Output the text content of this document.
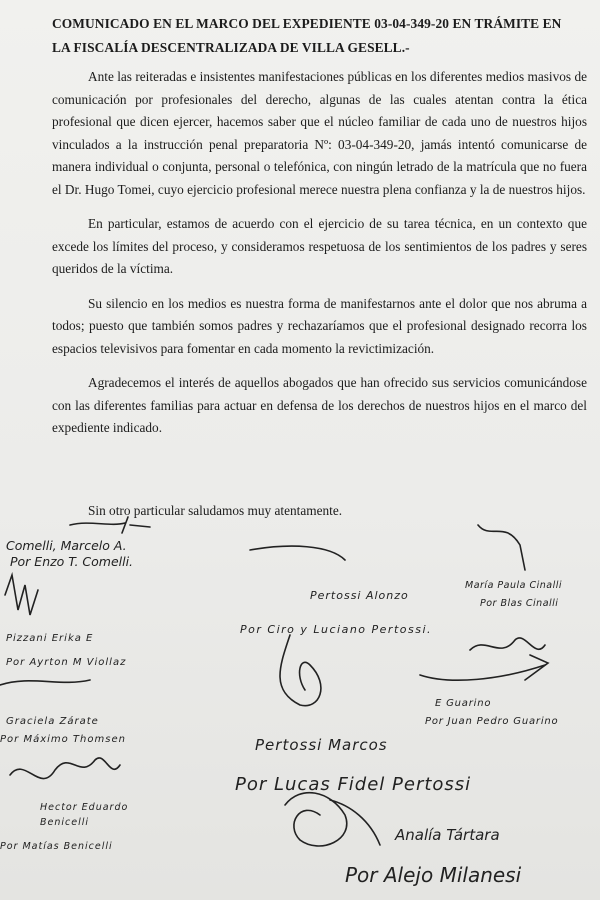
COMUNICADO EN EL MARCO DEL EXPEDIENTE 03-04-349-20 EN TRÁMITE EN
LA FISCALÍA DESCENTRALIZADA DE VILLA GESELL.-

Ante las reiteradas e insistentes manifestaciones públicas en los diferentes medios masivos de comunicación por profesionales del derecho, algunas de las cuales atentan contra la ética profesional que dicen ejercer, hacemos saber que el núcleo familiar de cada uno de nuestros hijos vinculados a la instrucción penal preparatoria Nº: 03-04-349-20, jamás intentó comunicarse de manera individual o conjunta, personal o telefónica, con ningún letrado de la matrícula que no fuera el Dr. Hugo Tomei, cuyo ejercicio profesional merece nuestra plena confianza y la de nuestros hijos.

En particular, estamos de acuerdo con el ejercicio de su tarea técnica, en un contexto que excede los límites del proceso, y consideramos respetuosa de los sentimientos de los padres y seres queridos de la víctima.

Su silencio en los medios es nuestra forma de manifestarnos ante el dolor que nos abruma a todos; puesto que también somos padres y rechazaríamos que el profesional designado recorra los espacios televisivos para fomentar en cada momento la revictimización.

Agradecemos el interés de aquellos abogados que han ofrecido sus servicios comunicándose con las diferentes familias para actuar en defensa de los derechos de nuestros hijos en el marco del expediente indicado.

Sin otro particular saludamos muy atentamente.
Comelli, Marcelo A.
Por Enzo T. Comelli.
Pertossi Alonzo
Por Ciro y Luciano Pertossi.
María Paula Cinalli
Por Blas Cinalli
Pizzani Erika E
Por Ayrton M Viollaz
Graciela Zárate
Por Máximo Thomsen
E Guarino
Por Juan Pedro Guarino
Pertossi Marcos
Por Lucas Fidel Pertossi
Hector Eduardo Benicelli
Por Matías Benicelli
Analía Tártara
Por Alejo Milanesi
